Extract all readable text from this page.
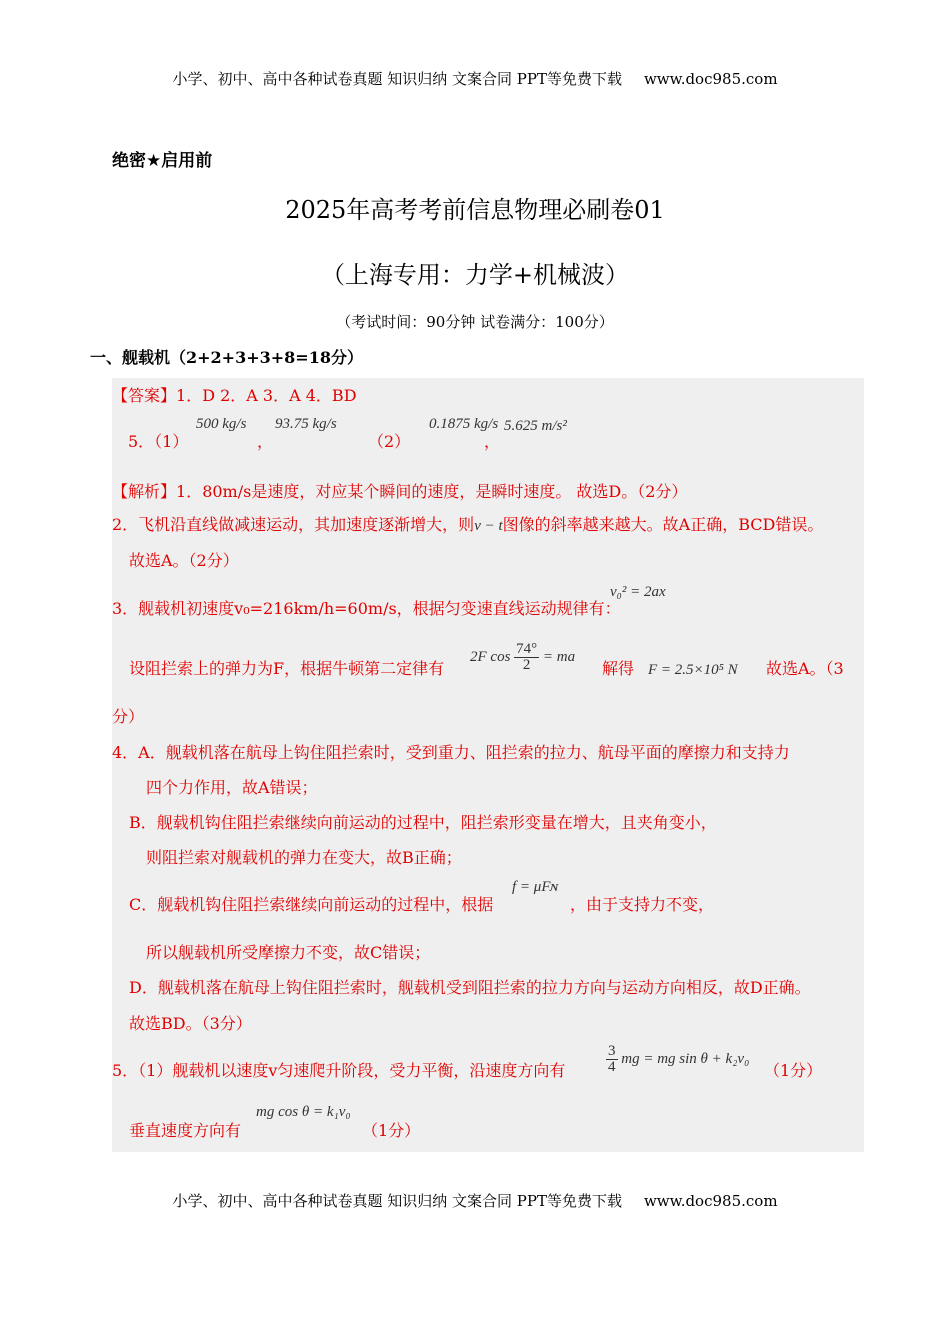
小学、初中、高中各种试卷真题 知识归纳 文案合同 PPT等免费下载 www.doc985.com
绝密★启用前
2025年高考考前信息物理必刷卷01
（上海专用：力学+机械波）
（考试时间：90分钟 试卷满分：100分）
一、舰载机（2+2+3+3+8=18分）
【答案】1．D 2．A 3．A 4．BD
5．（1）
500 kg/s
，
93.75 kg/s
（2）
0.1875 kg/s
，
5.625 m/s²
【解析】1．80m/s是速度，对应某个瞬间的速度，是瞬时速度。 故选D。（2分）
2．飞机沿直线做减速运动，其加速度逐渐增大，则v − t图像的斜率越来越大。故A正确，BCD错误。
故选A。（2分）
3．舰载机初速度v₀=216km/h=60m/s，根据匀变速直线运动规律有：
v₀² = 2ax
设阻拦索上的弹力为F，根据牛顿第二定律有
2F $\cos \frac{74^\circ}{2}$ = ma
解得 F = 2.5×10⁵ N 故选A。（3
分）
4．A．舰载机落在航母上钩住阻拦索时，受到重力、阻拦索的拉力、航母平面的摩擦力和支持力
四个力作用，故A错误；
B．舰载机钩住阻拦索继续向前运动的过程中，阻拦索形变量在增大，且夹角变小，
则阻拦索对舰载机的弹力在变大，故B正确；
C．舰载机钩住阻拦索继续向前运动的过程中，根据
f = μFɴ
，由于支持力不变，
所以舰载机所受摩擦力不变，故C错误；
D．舰载机落在航母上钩住阻拦索时，舰载机受到阻拦索的拉力方向与运动方向相反，故D正确。
故选BD。（3分）
5．（1）舰载机以速度v匀速爬升阶段，受力平衡，沿速度方向有	$\frac{3}{4}$ mg = mg sin θ + k₂v₀
（1分）
垂直速度方向有
mg cos θ = k₁v₀
（1分）
小学、初中、高中各种试卷真题 知识归纳 文案合同 PPT等免费下载 www.doc985.com
